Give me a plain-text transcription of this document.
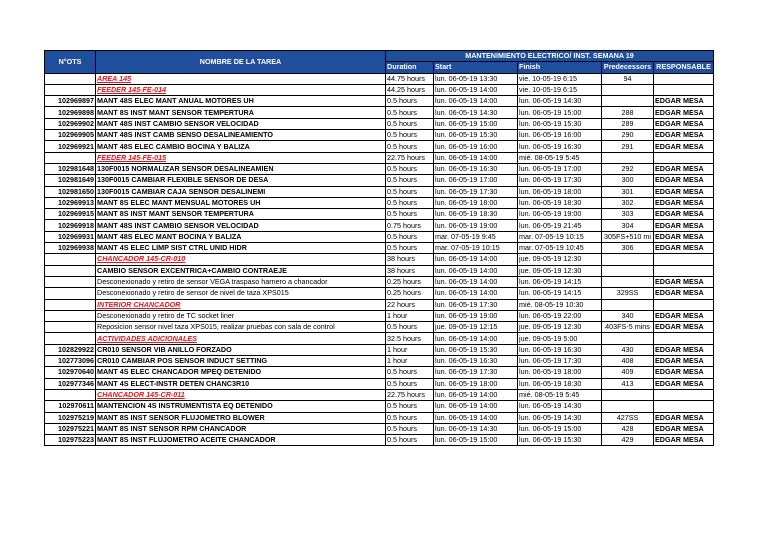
N°OTS	NOMBRE DE LA TAREA	MANTENIMIENTO ELECTRICO/ INST. SEMANA 19				
		Duration	Start	Finish	Predecessors	RESPONSABLE
	AREA 145	44.75 hours	lun. 06-05-19 13:30	vie. 10-05-19 6:15	94	
	FEEDER 145-FE-014	44.25 hours	lun. 06-05-19 14:00	vie. 10-05-19 6:15		
102969897	MANT 48S ELEC MANT ANUAL MOTORES UH	0.5 hours	lun. 06-05-19 14:00	lun. 06-05-19 14:30		EDGAR MESA
102969898	MANT 8S INST MANT SENSOR TEMPERTURA	0.5 hours	lun. 06-05-19 14:30	lun. 06-05-19 15:00	288	EDGAR MESA
102969902	MANT 48S INST CAMBIO SENSOR VELOCIDAD	0.5 hours	lun. 06-05-19 15:00	lun. 06-05-19 15:30	289	EDGAR MESA
102969905	MANT 48S INST CAMB SENSO DESALINEAMIENTO	0.5 hours	lun. 06-05-19 15:30	lun. 06-05-19 16:00	290	EDGAR MESA
102969921	MANT 48S ELEC CAMBIO BOCINA Y BALIZA	0.5 hours	lun. 06-05-19 16:00	lun. 06-05-19 16:30	291	EDGAR MESA
	FEEDER 145-FE-015	22.75 hours	lun. 06-05-19 14:00	mié. 08-05-19 5:45		
102981648	130F0015 NORMALIZAR SENSOR DESALINEAMIEN	0.5 hours	lun. 06-05-19 16:30	lun. 06-05-19 17:00	292	EDGAR MESA
102981649	130F0015 CAMBIAR FLEXIBLE SENSOR DE DESA	0.5 hours	lun. 06-05-19 17:00	lun. 06-05-19 17:30	300	EDGAR MESA
102981650	130F0015 CAMBIAR CAJA SENSOR DESALINEMI	0.5 hours	lun. 06-05-19 17:30	lun. 06-05-19 18:00	301	EDGAR MESA
102969913	MANT 8S ELEC MANT MENSUAL MOTORES UH	0.5 hours	lun. 06-05-19 18:00	lun. 06-05-19 18:30	302	EDGAR MESA
102969915	MANT 8S INST MANT SENSOR TEMPERTURA	0.5 hours	lun. 06-05-19 18:30	lun. 06-05-19 19:00	303	EDGAR MESA
102969918	MANT 48S INST CAMBIO SENSOR VELOCIDAD	0.75 hours	lun. 06-05-19 19:00	lun. 06-05-19 21:45	304	EDGAR MESA
102969931	MANT 48S ELEC MANT BOCINA Y BALIZA	0.5 hours	mar. 07-05-19 9:45	mar. 07-05-19 10:15	305FS+510 mi	EDGAR MESA
102969938	MANT 4S ELEC LIMP SIST CTRL UNID HIDR	0.5 hours	mar. 07-05-19 10:15	mar. 07-05-19 10:45	306	EDGAR MESA
	CHANCADOR 145-CR-010	38 hours	lun. 06-05-19 14:00	jue. 09-05-19 12:30		
	CAMBIO SENSOR EXCENTRICA+CAMBIO CONTRAEJE	38 hours	lun. 06-05-19 14:00	jue. 09-05-19 12:30		
	Desconexionado y retiro de sensor VEGA traspaso harnero a chancador	0.25 hours	lun. 06-05-19 14:00	lun. 06-05-19 14:15		EDGAR MESA
	Desconexionado y retiro de sensor de nivel de taza XPS015	0.25 hours	lun. 06-05-19 14:00	lun. 06-05-19 14:15	329SS	EDGAR MESA
	INTERIOR CHANCADOR	22 hours	lun. 06-05-19 17:30	mié. 08-05-19 10:30		
	Desconexionado y retiro de TC socket liner	1 hour	lun. 06-05-19 19:00	lun. 06-05-19 22:00	340	EDGAR MESA
	Reposicion sensor nivel taza XPS015, realizar pruebas con sala de control	0.5 hours	jue. 09-05-19 12:15	jue. 09-05-19 12:30	403FS-5 mins	EDGAR MESA
	ACTIVIDADES ADICIONALES	32.5 hours	lun. 06-05-19 14:00	jue. 09-05-19 5:00		
102829922	CR010 SENSOR VIB ANILLO FORZADO	1 hour	lun. 06-05-19 15:30	lun. 06-05-19 16:30	430	EDGAR MESA
102773096	CR010 CAMBIAR POS SENSOR INDUCT SETTING	1 hour	lun. 06-05-19 16:30	lun. 06-05-19 17:30	408	EDGAR MESA
102970640	MANT 4S ELEC CHANCADOR MPEQ DETENIDO	0.5 hours	lun. 06-05-19 17:30	lun. 06-05-19 18:00	409	EDGAR MESA
102977346	MANT 4S ELECT-INSTR DETEN CHANC3R10	0.5 hours	lun. 06-05-19 18:00	lun. 06-05-19 18:30	413	EDGAR MESA
	CHANCADOR 145-CR-011	22.75 hours	lun. 06-05-19 14:00	mié. 08-05-19 5:45		
102970611	MANTENCION 4S INSTRUMENTISTA EQ DETENIDO	0.5 hours	lun. 06-05-19 14:00	lun. 06-05-19 14:30		
102975219	MANT 8S INST SENSOR FLUJOMETRO BLOWER	0.5 hours	lun. 06-05-19 14:00	lun. 06-05-19 14:30	427SS	EDGAR MESA
102975221	MANT 8S INST SENSOR RPM CHANCADOR	0.5 hours	lun. 06-05-19 14:30	lun. 06-05-19 15:00	428	EDGAR MESA
102975223	MANT 8S INST FLUJOMETRO ACEITE CHANCADOR	0.5 hours	lun. 06-05-19 15:00	lun. 06-05-19 15:30	429	EDGAR MESA
